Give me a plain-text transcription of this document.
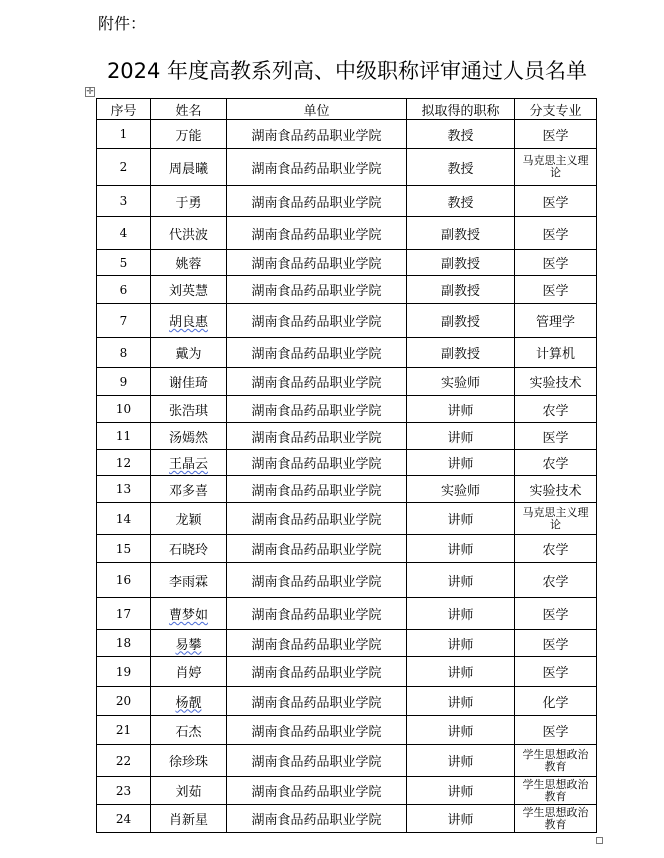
附件：
2024 年度高教系列高、中级职称评审通过人员名单
✛
序号	姓名	单位	拟取得的职称	分支专业
1	万能	湖南食品药品职业学院	教授	医学
2	周晨曦	湖南食品药品职业学院	教授	马克思主义理论
3	于勇	湖南食品药品职业学院	教授	医学
4	代洪波	湖南食品药品职业学院	副教授	医学
5	姚蓉	湖南食品药品职业学院	副教授	医学
6	刘英慧	湖南食品药品职业学院	副教授	医学
7	胡良惠	湖南食品药品职业学院	副教授	管理学
8	戴为	湖南食品药品职业学院	副教授	计算机
9	谢佳琦	湖南食品药品职业学院	实验师	实验技术
10	张浩琪	湖南食品药品职业学院	讲师	农学
11	汤嫣然	湖南食品药品职业学院	讲师	医学
12	王晶云	湖南食品药品职业学院	讲师	农学
13	邓多喜	湖南食品药品职业学院	实验师	实验技术
14	龙颖	湖南食品药品职业学院	讲师	马克思主义理论
15	石晓玲	湖南食品药品职业学院	讲师	农学
16	李雨霖	湖南食品药品职业学院	讲师	农学
17	曹梦如	湖南食品药品职业学院	讲师	医学
18	易攀	湖南食品药品职业学院	讲师	医学
19	肖婷	湖南食品药品职业学院	讲师	医学
20	杨靓	湖南食品药品职业学院	讲师	化学
21	石杰	湖南食品药品职业学院	讲师	医学
22	徐珍珠	湖南食品药品职业学院	讲师	学生思想政治教育
23	刘茹	湖南食品药品职业学院	讲师	学生思想政治教育
24	肖新星	湖南食品药品职业学院	讲师	学生思想政治教育
